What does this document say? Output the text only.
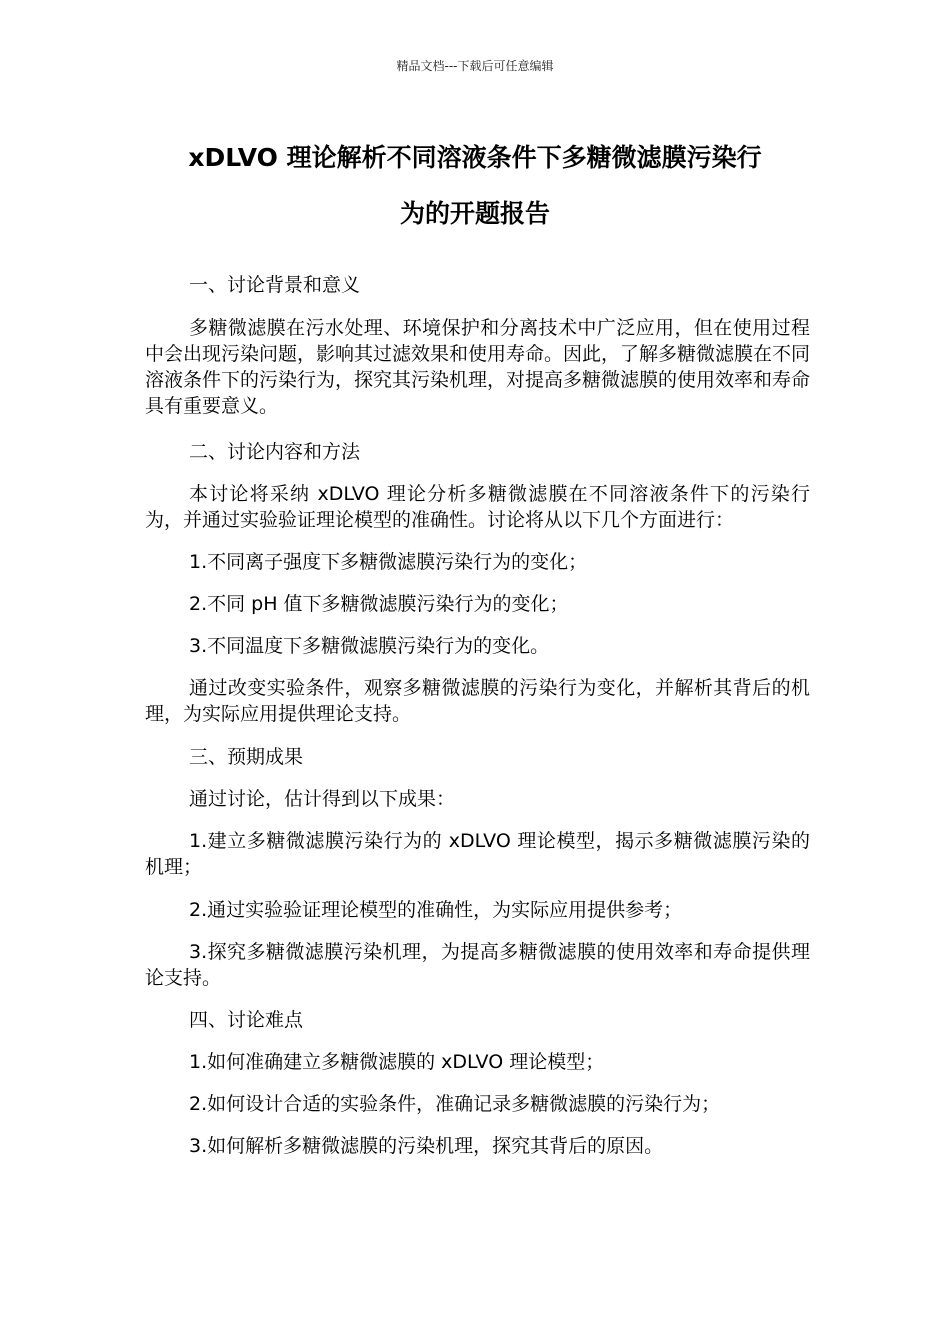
精品文档---下载后可任意编辑
xDLVO 理论解析不同溶液条件下多糖微滤膜污染行
为的开题报告

一、讨论背景和意义

多糖微滤膜在污水处理、环境保护和分离技术中广泛应用，但在使用过程中会出现污染问题，影响其过滤效果和使用寿命。因此，了解多糖微滤膜在不同溶液条件下的污染行为，探究其污染机理，对提高多糖微滤膜的使用效率和寿命具有重要意义。

二、讨论内容和方法

本讨论将采纳 xDLVO 理论分析多糖微滤膜在不同溶液条件下的污染行为，并通过实验验证理论模型的准确性。讨论将从以下几个方面进行：

1.不同离子强度下多糖微滤膜污染行为的变化；

2.不同 pH 值下多糖微滤膜污染行为的变化；

3.不同温度下多糖微滤膜污染行为的变化。

通过改变实验条件，观察多糖微滤膜的污染行为变化，并解析其背后的机理，为实际应用提供理论支持。

三、预期成果

通过讨论，估计得到以下成果：

1.建立多糖微滤膜污染行为的 xDLVO 理论模型，揭示多糖微滤膜污染的机理；

2.通过实验验证理论模型的准确性，为实际应用提供参考；

3.探究多糖微滤膜污染机理，为提高多糖微滤膜的使用效率和寿命提供理论支持。

四、讨论难点

1.如何准确建立多糖微滤膜的 xDLVO 理论模型；

2.如何设计合适的实验条件，准确记录多糖微滤膜的污染行为；

3.如何解析多糖微滤膜的污染机理，探究其背后的原因。
